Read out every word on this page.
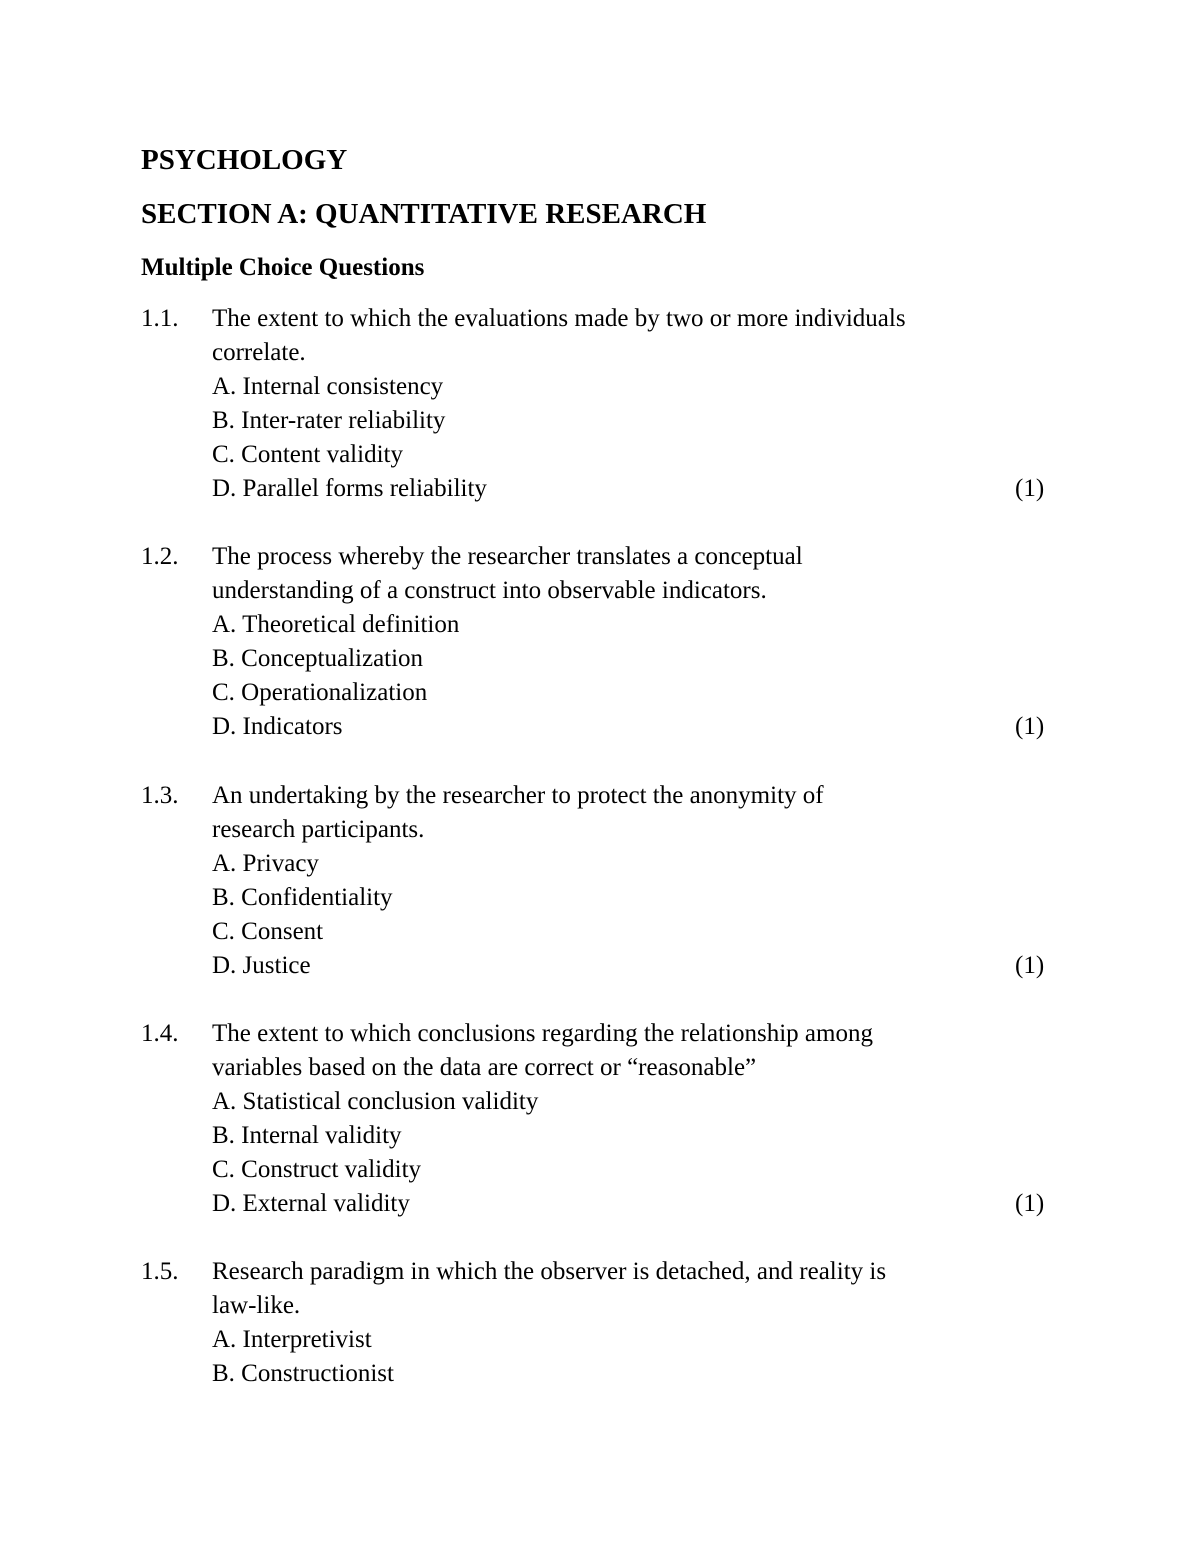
PSYCHOLOGY
SECTION A: QUANTITATIVE RESEARCH
Multiple Choice Questions
1.1. The extent to which the evaluations made by two or more individuals correlate.
A. Internal consistency
B. Inter-rater reliability
C. Content validity
D. Parallel forms reliability	(1)
1.2. The process whereby the researcher translates a conceptual understanding of a construct into observable indicators.
A. Theoretical definition
B. Conceptualization
C. Operationalization
D. Indicators	(1)
1.3. An undertaking by the researcher to protect the anonymity of research participants.
A. Privacy
B. Confidentiality
C. Consent
D. Justice	(1)
1.4. The extent to which conclusions regarding the relationship among variables based on the data are correct or “reasonable”
A. Statistical conclusion validity
B. Internal validity
C. Construct validity
D. External validity	(1)
1.5. Research paradigm in which the observer is detached, and reality is law-like.
A. Interpretivist
B. Constructionist
